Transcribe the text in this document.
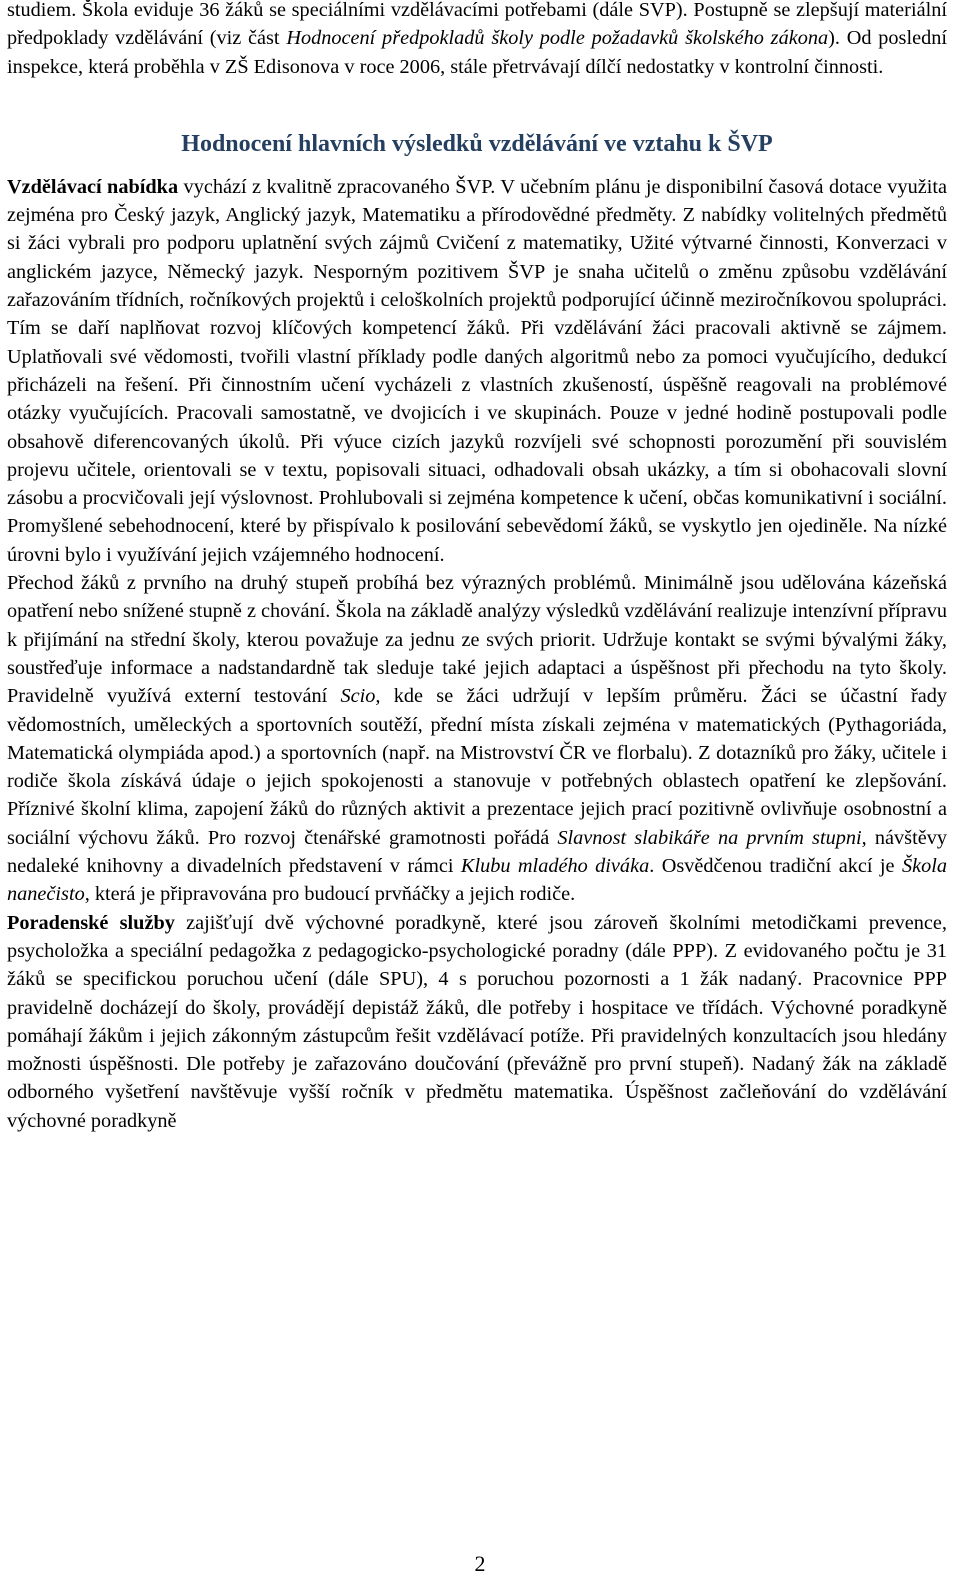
studiem. Škola eviduje 36 žáků se speciálními vzdělávacími potřebami (dále SVP). Postupně se zlepšují materiální předpoklady vzdělávání (viz část Hodnocení předpokladů školy podle požadavků školského zákona). Od poslední inspekce, která proběhla v ZŠ Edisonova v roce 2006, stále přetrvávají dílčí nedostatky v kontrolní činnosti.

Hodnocení hlavních výsledků vzdělávání ve vztahu k ŠVP

Vzdělávací nabídka vychází z kvalitně zpracovaného ŠVP. V učebním plánu je disponibilní časová dotace využita zejména pro Český jazyk, Anglický jazyk, Matematiku a přírodovědné předměty. Z nabídky volitelných předmětů si žáci vybrali pro podporu uplatnění svých zájmů Cvičení z matematiky, Užité výtvarné činnosti, Konverzaci v anglickém jazyce, Německý jazyk. Nesporným pozitivem ŠVP je snaha učitelů o změnu způsobu vzdělávání zařazováním třídních, ročníkových projektů i celoškolních projektů podporující účinně meziročníkovou spolupráci. Tím se daří naplňovat rozvoj klíčových kompetencí žáků. Při vzdělávání žáci pracovali aktivně se zájmem. Uplatňovali své vědomosti, tvořili vlastní příklady podle daných algoritmů nebo za pomoci vyučujícího, dedukcí přicházeli na řešení. Při činnostním učení vycházeli z vlastních zkušeností, úspěšně reagovali na problémové otázky vyučujících. Pracovali samostatně, ve dvojicích i ve skupinách. Pouze v jedné hodině postupovali podle obsahově diferencovaných úkolů. Při výuce cizích jazyků rozvíjeli své schopnosti porozumění při souvislém projevu učitele, orientovali se v textu, popisovali situaci, odhadovali obsah ukázky, a tím si obohacovali slovní zásobu a procvičovali její výslovnost. Prohlubovali si zejména kompetence k učení, občas komunikativní i sociální. Promyšlené sebehodnocení, které by přispívalo k posilování sebevědomí žáků, se vyskytlo jen ojediněle. Na nízké úrovni bylo i využívání jejich vzájemného hodnocení.

Přechod žáků z prvního na druhý stupeň probíhá bez výrazných problémů. Minimálně jsou udělována kázeňská opatření nebo snížené stupně z chování. Škola na základě analýzy výsledků vzdělávání realizuje intenzívní přípravu k přijímání na střední školy, kterou považuje za jednu ze svých priorit. Udržuje kontakt se svými bývalými žáky, soustřeďuje informace a nadstandardně tak sleduje také jejich adaptaci a úspěšnost při přechodu na tyto školy. Pravidelně využívá externí testování Scio, kde se žáci udržují v lepším průměru. Žáci se účastní řady vědomostních, uměleckých a sportovních soutěží, přední místa získali zejména v matematických (Pythagoriáda, Matematická olympiáda apod.) a sportovních (např. na Mistrovství ČR ve florbalu). Z dotazníků pro žáky, učitele i rodiče škola získává údaje o jejich spokojenosti a stanovuje v potřebných oblastech opatření ke zlepšování. Příznivé školní klima, zapojení žáků do různých aktivit a prezentace jejich prací pozitivně ovlivňuje osobnostní a sociální výchovu žáků. Pro rozvoj čtenářské gramotnosti pořádá Slavnost slabikáře na prvním stupni, návštěvy nedaleké knihovny a divadelních představení v rámci Klubu mladého diváka. Osvědčenou tradiční akcí je Škola nanečisto, která je připravována pro budoucí prvňáčky a jejich rodiče.

Poradenské služby zajišťují dvě výchovné poradkyně, které jsou zároveň školními metodičkami prevence, psycholožka a speciální pedagožka z pedagogicko-psychologické poradny (dále PPP). Z evidovaného počtu je 31 žáků se specifickou poruchou učení (dále SPU), 4 s poruchou pozornosti a 1 žák nadaný. Pracovnice PPP pravidelně docházejí do školy, provádějí depistáž žáků, dle potřeby i hospitace ve třídách. Výchovné poradkyně pomáhají žákům i jejich zákonným zástupcům řešit vzdělávací potíže. Při pravidelných konzultacích jsou hledány možnosti úspěšnosti. Dle potřeby je zařazováno doučování (převážně pro první stupeň). Nadaný žák na základě odborného vyšetření navštěvuje vyšší ročník v předmětu matematika. Úspěšnost začleňování do vzdělávání výchovné poradkyně

2
